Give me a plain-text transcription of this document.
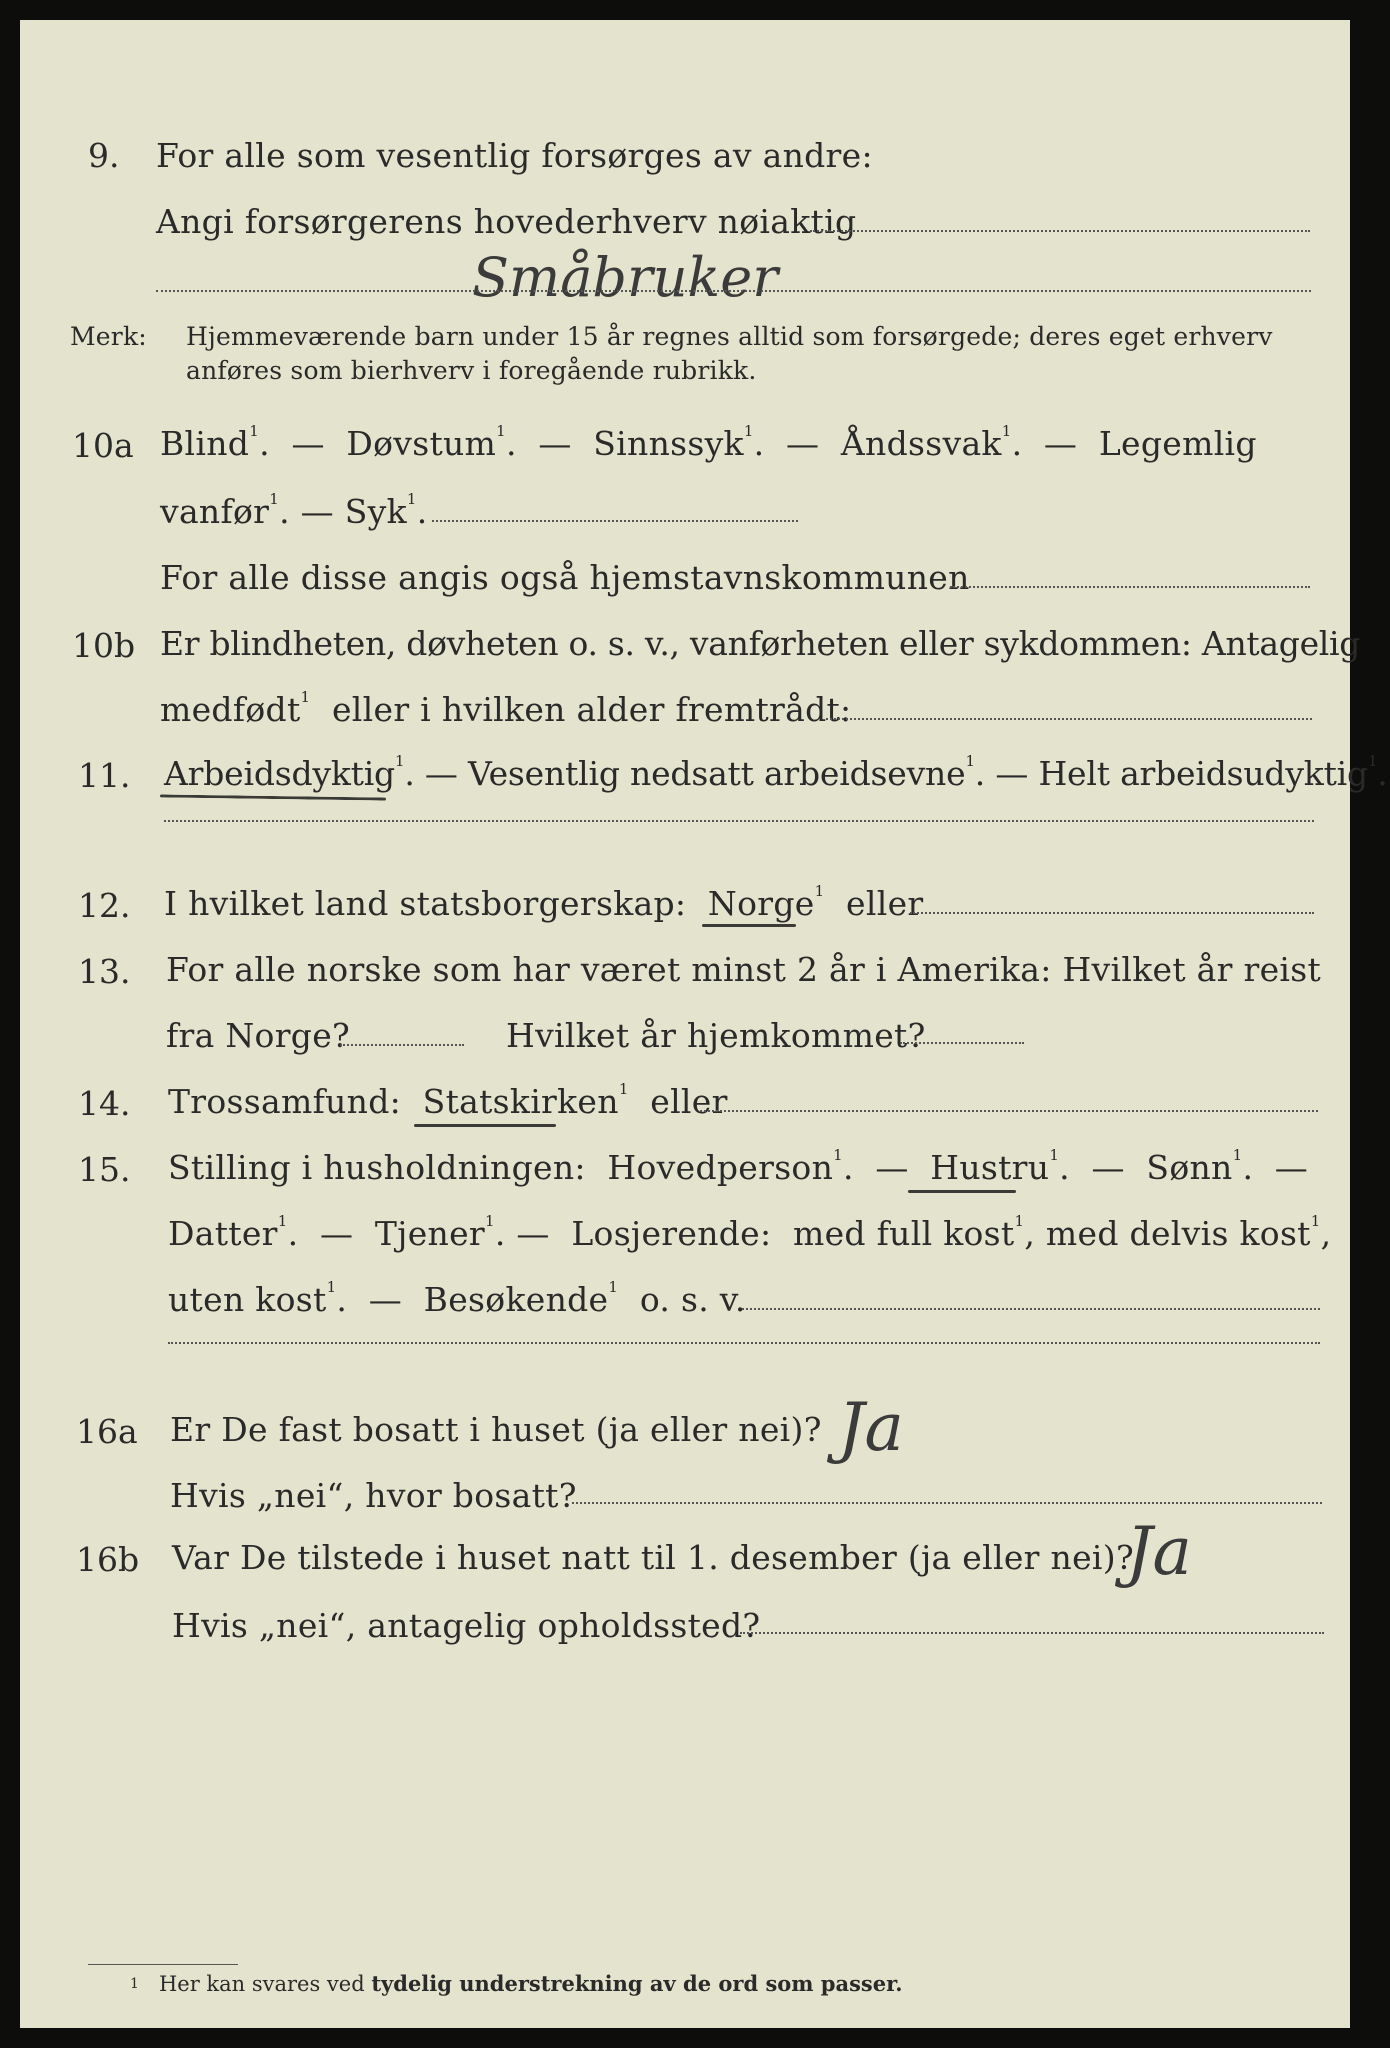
9. For alle som vesentlig forsørges av andre:
Angi forsørgerens hovederhverv nøiaktig
Småbruker
Merk: Hjemmeværende barn under 15 år regnes alltid som forsørgede; deres eget erhverv
anføres som bierhverv i foregående rubrikk.
10a Blind$^1$.  —  Døvstum$^1$.  —  Sinnssyk$^1$.  —  Åndssvak$^1$.  —  Legemlig
vanfør$^1$. — Syk$^1$.
For alle disse angis også hjemstavnskommunen
10b Er blindheten, døvheten o. s. v., vanførheten eller sykdommen: Antagelig
medfødt$^1$ eller i hvilken alder fremtrådt:
11. Arbeidsdyktig$^1$. — Vesentlig nedsatt arbeidsevne$^1$. — Helt arbeidsudyktig$^1$.
12. I hvilket land statsborgerskap: Norge$^1$ eller
13. For alle norske som har været minst 2 år i Amerika: Hvilket år reist
fra Norge?	Hvilket år hjemkommet?
14. Trossamfund: Statskirken$^1$ eller
15. Stilling i husholdningen: Hovedperson$^1$.  —  Hustru$^1$.  —  Sønn$^1$.  —
Datter$^1$.  —  Tjener$^1$. —  Losjerende: med full kost$^1$, med delvis kost$^1$,
uten kost$^1$.  —  Besøkende$^1$ o. s. v.
16a Er De fast bosatt i huset (ja eller nei)? Ja
Hvis „nei“, hvor bosatt?
16b Var De tilstede i huset natt til 1. desember (ja eller nei)?
Ja
Hvis „nei“, antagelig opholdssted?
$^1$ Her kan svares ved tydelig understrekning av de ord som passer.
